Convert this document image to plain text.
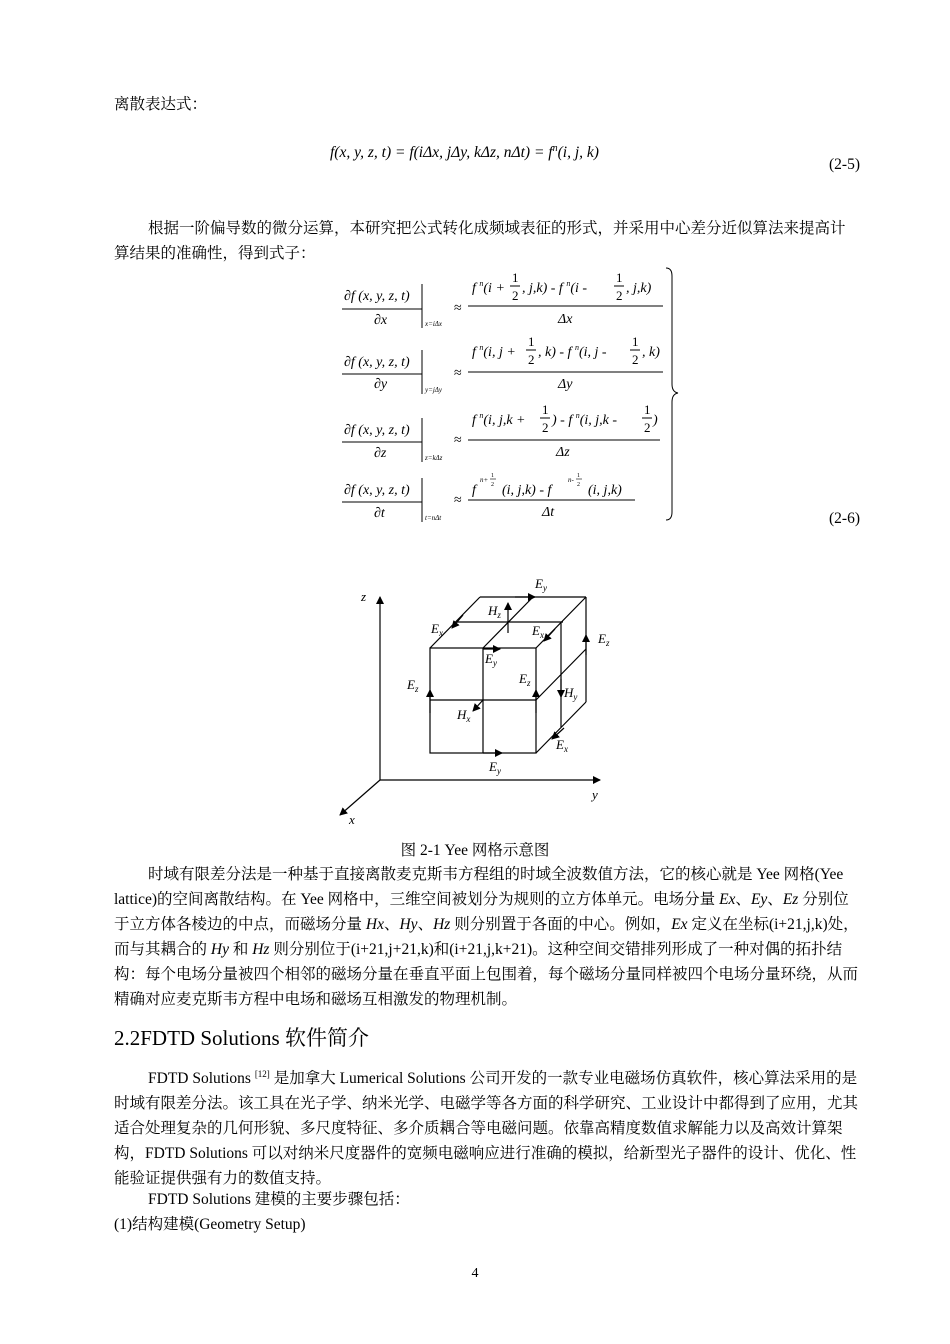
离散表达式：

f(x, y, z, t) = f(iΔx, jΔy, kΔz, $n\Delta t) = f^n(i$, j, k)
(2-5)

根据一阶偏导数的微分运算，本研究把公式转化成频域表征的形式，并采用中心差分近似算法来提高计算结果的准确性，得到式子：

∂f (x, y, z, t)
∂x	x=iΔx
≈
f $^n$(i +
1
2 , j,k) - f $^n$(i -
1
2 , j,k)
Δx
∂f (x, y, z, t)
∂y	y=jΔy
≈
f $^n$(i, j +
1
2 , k) - f $^n$(i, j -
1
2 , k)
Δy
∂f (x, y, z, t)
∂z	z=kΔz
≈
f $^n$(i, j,k +
1
2 ) - f $^n$(i, j,k -
1
2 )
Δz
∂f (x, y, z, t)
∂t	t=nΔt
≈
f
n+ 1
2 (i, j,k) - f
n- 1
2 (i, j,k)
Δt	(2-6)
z
y
x
$E_y$
$H_z$
$E_x$	$E_x$	$E_z$
$E_y$
$E_z$
$E_z$
$H_y$
$H_x$
$E_x$
$E_y$
图 2-1 Yee 网格示意图

时域有限差分法是一种基于直接离散麦克斯韦方程组的时域全波数值方法，它的核心就是 Yee 网格(Yee lattice)的空间离散结构。在 Yee 网格中，三维空间被划分为规则的立方体单元。电场分量 Ex、Ey、Ez 分别位于立方体各棱边的中点，而磁场分量 Hx、Hy、Hz 则分别置于各面的中心。例如，Ex 定义在坐标(i+21,j,k)处，而与其耦合的 Hy 和 Hz 则分别位于(i+21,j+21,k)和(i+21,j,k+21)。这种空间交错排列形成了一种对偶的拓扑结构：每个电场分量被四个相邻的磁场分量在垂直平面上包围着，每个磁场分量同样被四个电场分量环绕，从而精确对应麦克斯韦方程中电场和磁场互相激发的物理机制。

2.2FDTD Solutions 软件简介

FDTD Solutions [12] 是加拿大 Lumerical Solutions 公司开发的一款专业电磁场仿真软件，核心算法采用的是时域有限差分法。该工具在光子学、纳米光学、电磁学等各方面的科学研究、工业设计中都得到了应用，尤其适合处理复杂的几何形貌、多尺度特征、多介质耦合等电磁问题。依靠高精度数值求解能力以及高效计算架构，FDTD Solutions 可以对纳米尺度器件的宽频电磁响应进行准确的模拟，给新型光子器件的设计、优化、性能验证提供强有力的数值支持。

FDTD Solutions 建模的主要步骤包括：

(1)结构建模(Geometry Setup)

4
